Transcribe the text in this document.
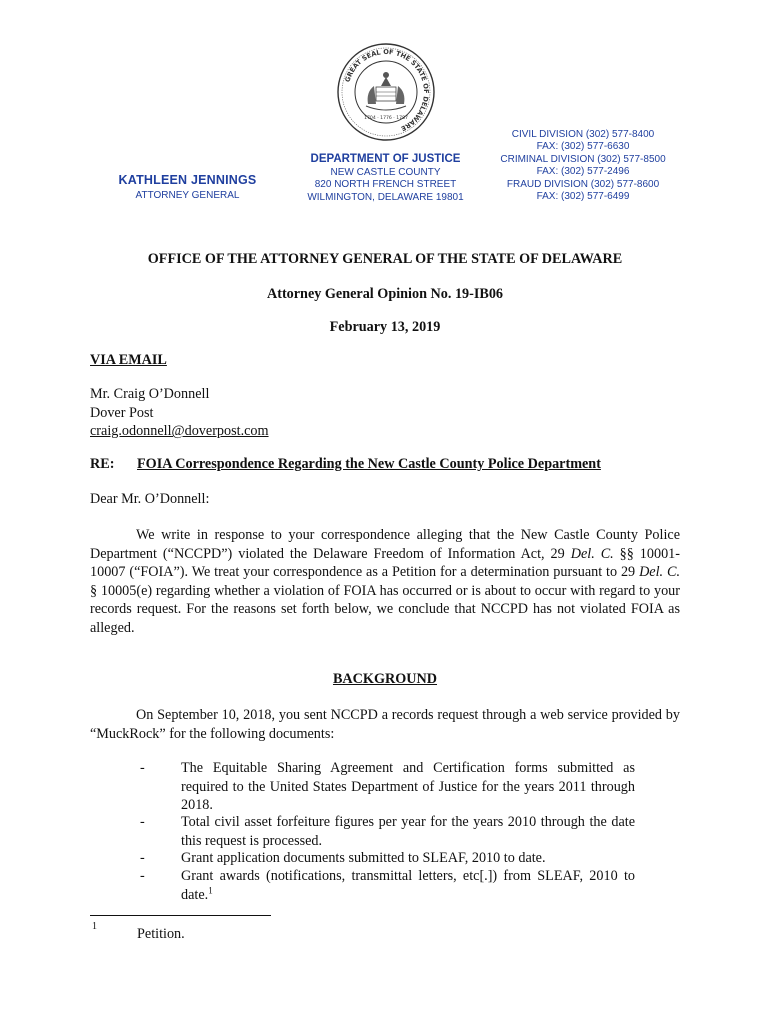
GREAT SEAL OF THE STATE OF DELAWARE
1704 · 1776 · 1787
KATHLEEN JENNINGS
ATTORNEY GENERAL
DEPARTMENT OF JUSTICE
NEW CASTLE COUNTY
820 NORTH FRENCH STREET
WILMINGTON, DELAWARE 19801
CIVIL DIVISION (302) 577-8400
FAX: (302) 577-6630
CRIMINAL DIVISION (302) 577-8500
FAX: (302) 577-2496
FRAUD DIVISION (302) 577-8600
FAX: (302) 577-6499
OFFICE OF THE ATTORNEY GENERAL OF THE STATE OF DELAWARE
Attorney General Opinion No. 19-IB06
February 13, 2019
VIA EMAIL
Mr. Craig O’Donnell
Dover Post
craig.odonnell@doverpost.com
RE: FOIA Correspondence Regarding the New Castle County Police Department
Dear Mr. O’Donnell:
We write in response to your correspondence alleging that the New Castle County Police Department (“NCCPD”) violated the Delaware Freedom of Information Act, 29 Del. C. §§ 10001-10007 (“FOIA”). We treat your correspondence as a Petition for a determination pursuant to 29 Del. C. § 10005(e) regarding whether a violation of FOIA has occurred or is about to occur with regard to your records request. For the reasons set forth below, we conclude that NCCPD has not violated FOIA as alleged.
BACKGROUND
On September 10, 2018, you sent NCCPD a records request through a web service provided by “MuckRock” for the following documents:
-	The Equitable Sharing Agreement and Certification forms submitted as required to the United States Department of Justice for the years 2011 through 2018.
-	Total civil asset forfeiture figures per year for the years 2010 through the date this request is processed.
-	Grant application documents submitted to SLEAF, 2010 to date.
-	Grant awards (notifications, transmittal letters, etc[.]) from SLEAF, 2010 to date.$^1$
1	Petition.
